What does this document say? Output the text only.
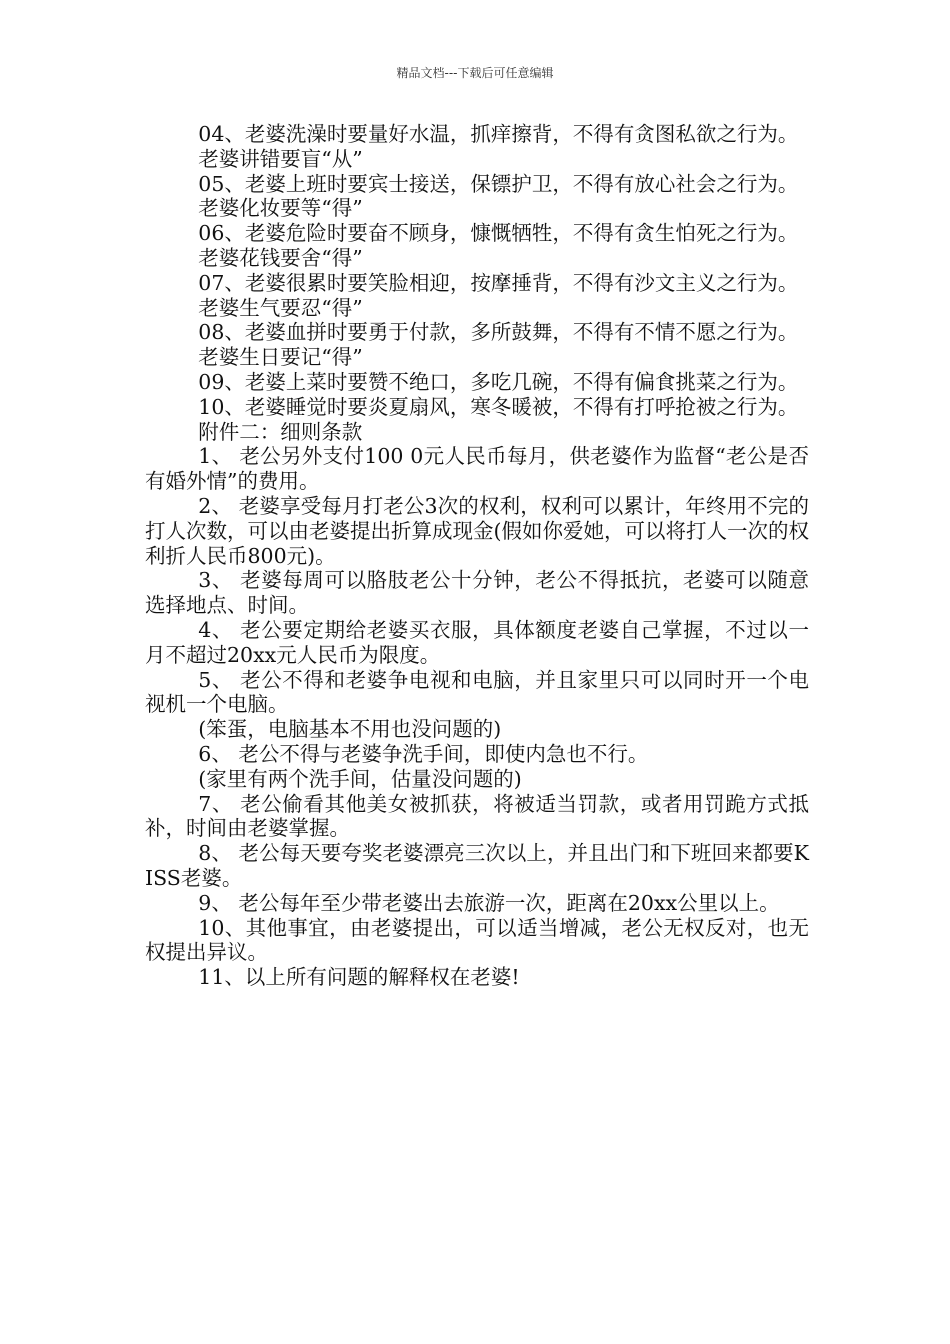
精品文档---下载后可任意编辑

04、老婆洗澡时要量好水温，抓痒擦背，不得有贪图私欲之行为。

老婆讲错要盲“从”

05、老婆上班时要宾士接送，保镖护卫，不得有放心社会之行为。

老婆化妆要等“得”

06、老婆危险时要奋不顾身，慷慨牺牲，不得有贪生怕死之行为。

老婆花钱要舍“得”

07、老婆很累时要笑脸相迎，按摩捶背，不得有沙文主义之行为。

老婆生气要忍“得”

08、老婆血拼时要勇于付款，多所鼓舞，不得有不情不愿之行为。

老婆生日要记“得”

09、老婆上菜时要赞不绝口，多吃几碗，不得有偏食挑菜之行为。

10、老婆睡觉时要炎夏扇风，寒冬暖被，不得有打呼抢被之行为。

附件二：细则条款

1、 老公另外支付100 0元人民币每月，供老婆作为监督“老公是否有婚外情”的费用。

2、 老婆享受每月打老公3次的权利，权利可以累计，年终用不完的打人次数，可以由老婆提出折算成现金(假如你爱她，可以将打人一次的权利折人民币800元)。

3、 老婆每周可以胳肢老公十分钟，老公不得抵抗，老婆可以随意选择地点、时间。

4、 老公要定期给老婆买衣服，具体额度老婆自己掌握，不过以一月不超过20xx元人民币为限度。

5、 老公不得和老婆争电视和电脑，并且家里只可以同时开一个电视机一个电脑。

(笨蛋，电脑基本不用也没问题的)

6、 老公不得与老婆争洗手间，即使内急也不行。

(家里有两个洗手间，估量没问题的)

7、 老公偷看其他美女被抓获，将被适当罚款，或者用罚跪方式抵补，时间由老婆掌握。

8、 老公每天要夸奖老婆漂亮三次以上，并且出门和下班回来都要KISS老婆。

9、 老公每年至少带老婆出去旅游一次，距离在20xx公里以上。

10、其他事宜，由老婆提出，可以适当增减，老公无权反对，也无权提出异议。

11、以上所有问题的解释权在老婆!
